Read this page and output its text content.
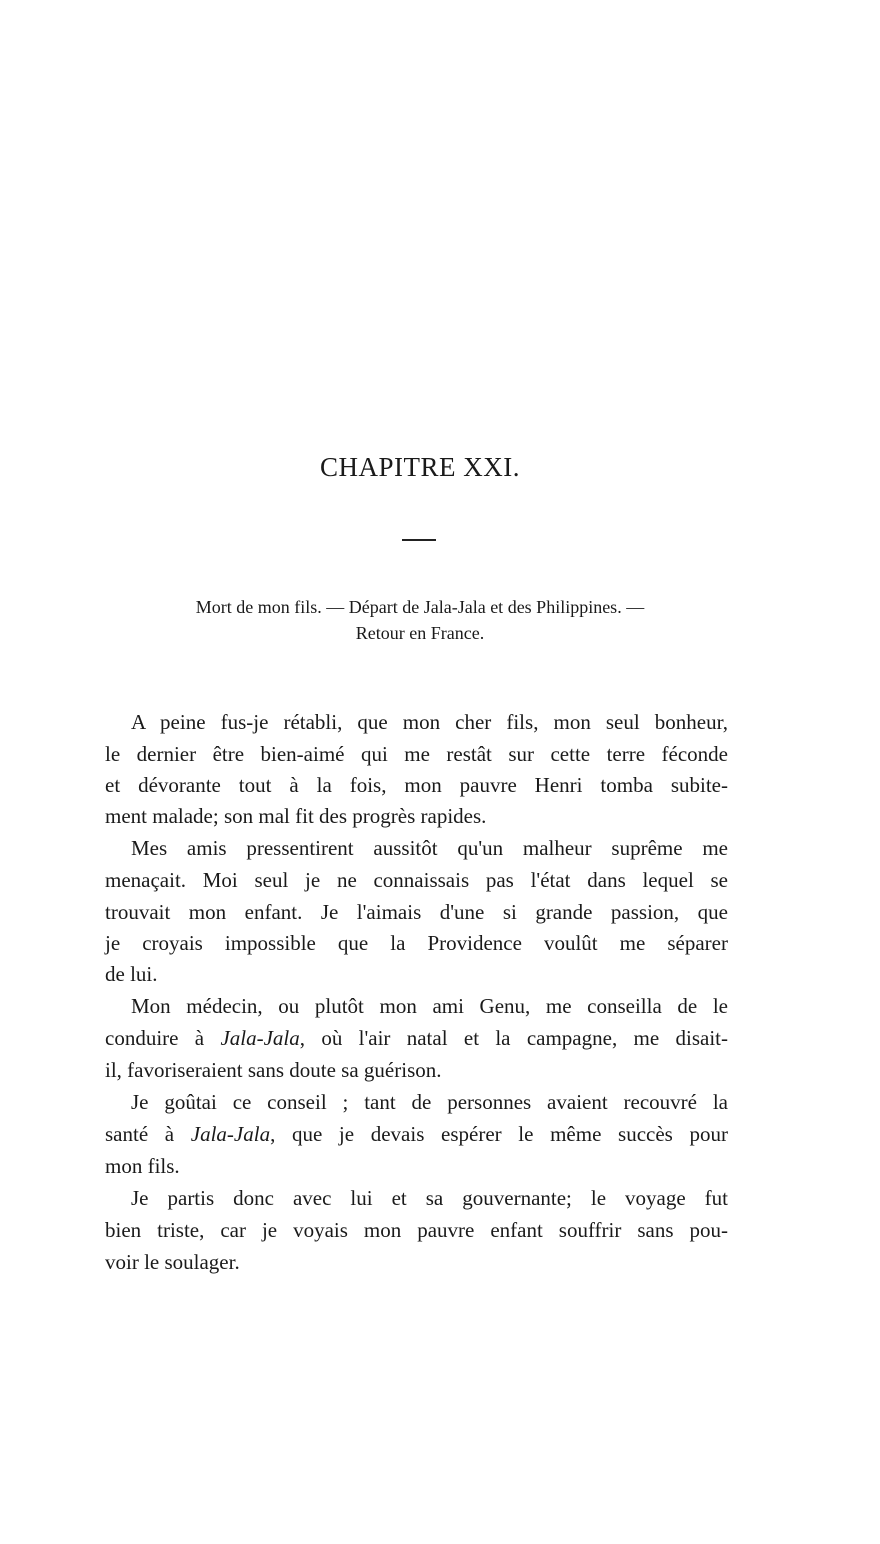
CHAPITRE XXI.
Mort de mon fils. — Départ de Jala-Jala et des Philippines. —
Retour en France.
A peine fus-je rétabli, que mon cher fils, mon seul bonheur,
le dernier être bien-aimé qui me restât sur cette terre féconde
et dévorante tout à la fois, mon pauvre Henri tomba subite-
ment malade; son mal fit des progrès rapides.
Mes amis pressentirent aussitôt qu'un malheur suprême me
menaçait. Moi seul je ne connaissais pas l'état dans lequel se
trouvait mon enfant. Je l'aimais d'une si grande passion, que
je croyais impossible que la Providence voulût me séparer
de lui.
Mon médecin, ou plutôt mon ami Genu, me conseilla de le
conduire à Jala-Jala, où l'air natal et la campagne, me disait-
il, favoriseraient sans doute sa guérison.
Je goûtai ce conseil ; tant de personnes avaient recouvré la
santé à Jala-Jala, que je devais espérer le même succès pour
mon fils.
Je partis donc avec lui et sa gouvernante; le voyage fut
bien triste, car je voyais mon pauvre enfant souffrir sans pou-
voir le soulager.
